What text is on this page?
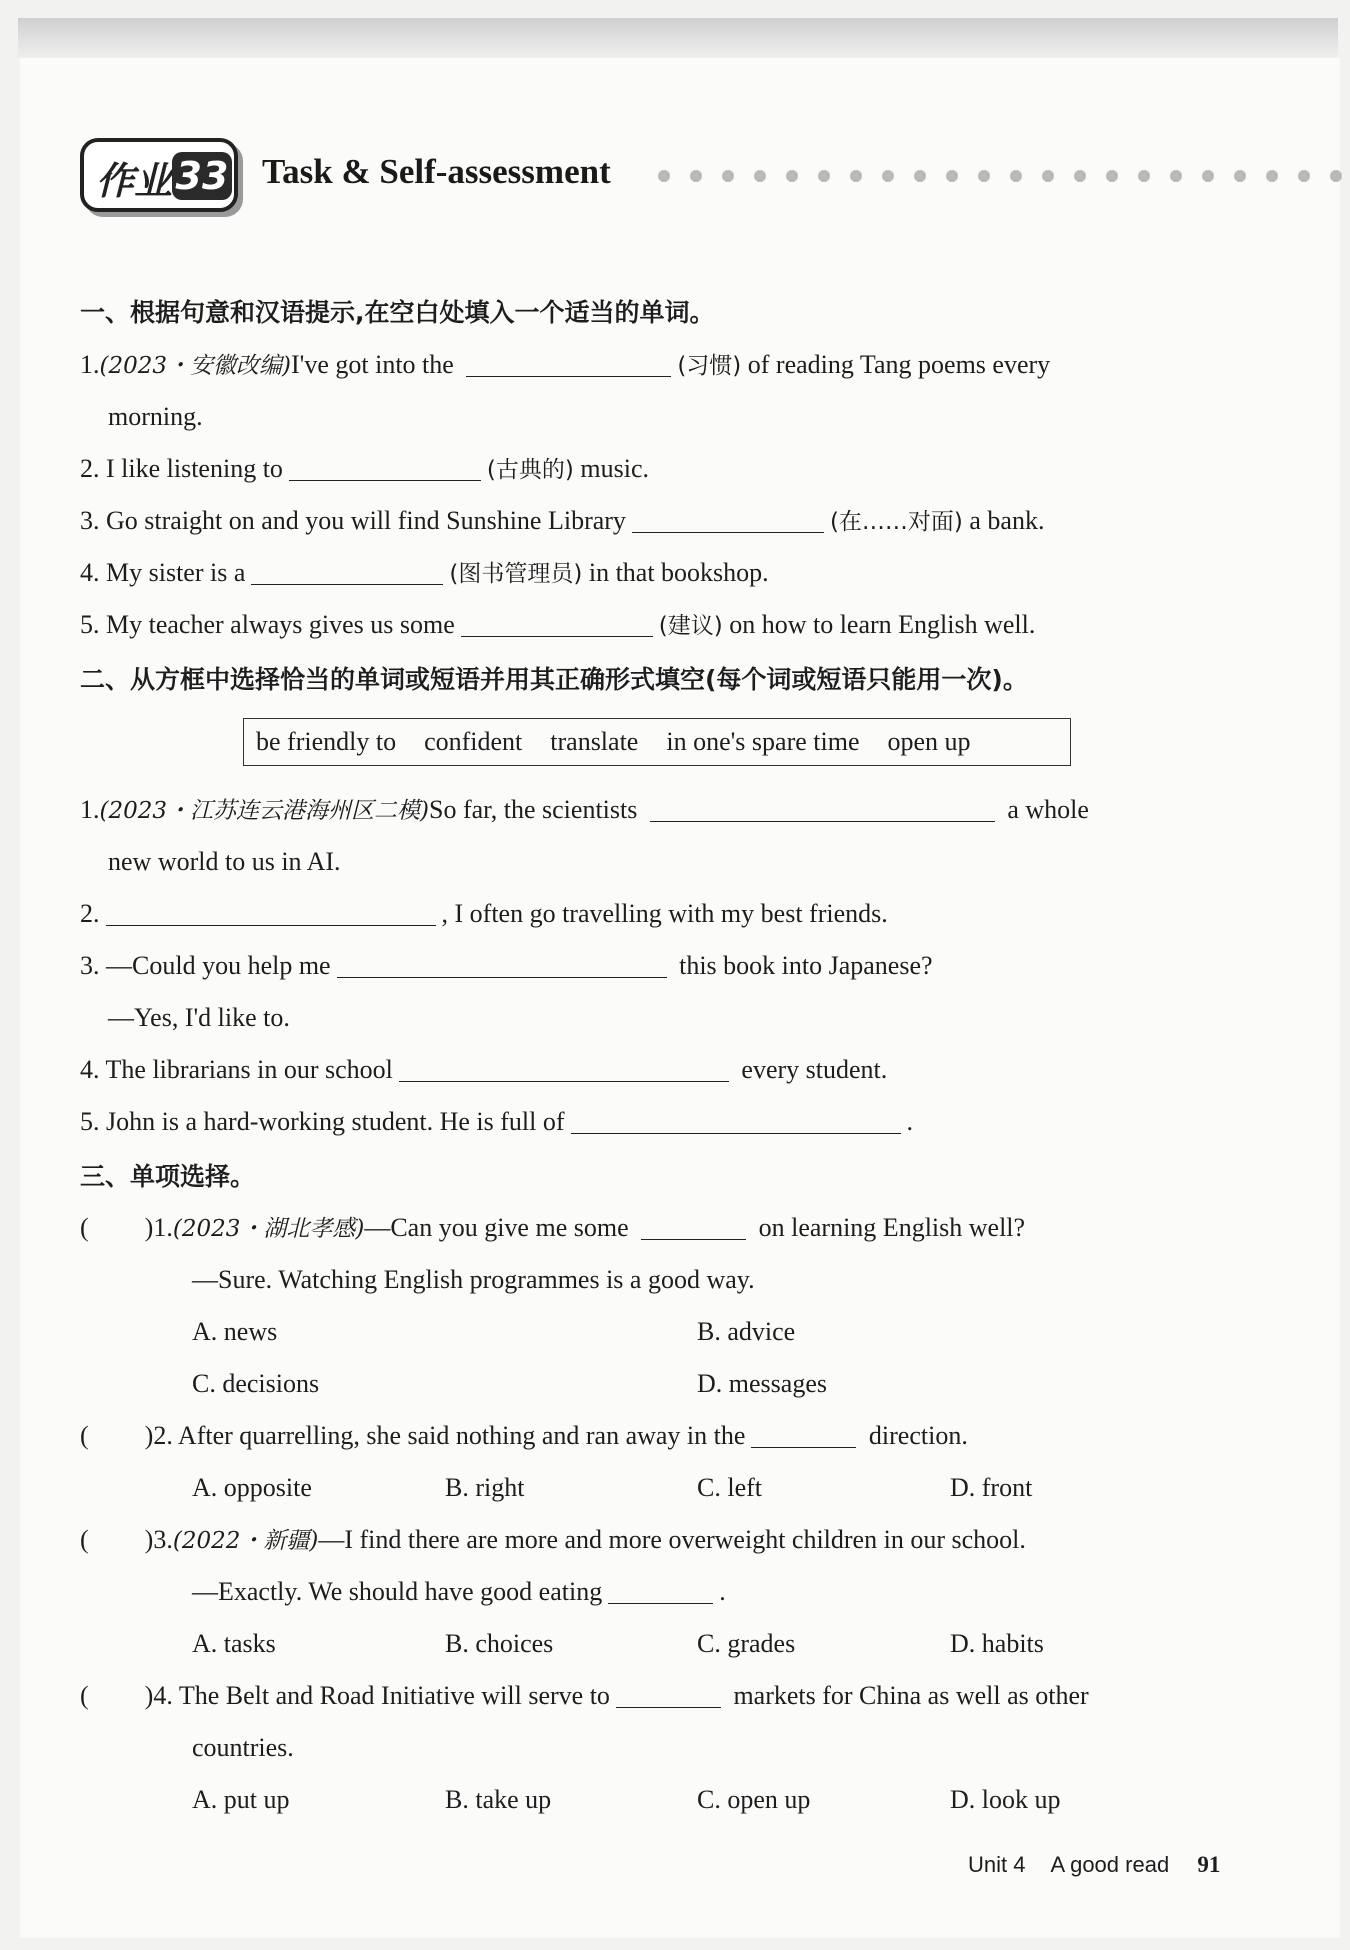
作业 33 Task & Self-assessment
一、根据句意和汉语提示,在空白处填入一个适当的单词。
1.(2023・安徽改编)I've got into the	(习惯) of reading Tang poems every
morning.
2. I like listening to	(古典的) music.
3. Go straight on and you will find Sunshine Library	(在……对面) a bank.
4. My sister is a	(图书管理员) in that bookshop.
5. My teacher always gives us some	(建议) on how to learn English well.
二、从方框中选择恰当的单词或短语并用其正确形式填空(每个词或短语只能用一次)。
be friendly to confident translate in one's spare time open up
1.(2023・江苏连云港海州区二模)So far, the scientists	a whole
new world to us in AI.
2.	, I often go travelling with my best friends.
3. —Could you help me	this book into Japanese?
—Yes, I'd like to.
4. The librarians in our school	every student.
5. John is a hard-working student. He is full of	.
三、单项选择。
( )1.(2023・湖北孝感)—Can you give me some	on learning English well?
—Sure. Watching English programmes is a good way.
A. news	B. advice
C. decisions	D. messages
( )2. After quarrelling, she said nothing and ran away in the	direction.
A. opposite	B. right	C. left	D. front
( )3.(2022・新疆)—I find there are more and more overweight children in our school.
—Exactly. We should have good eating	.
A. tasks	B. choices	C. grades	D. habits
( )4. The Belt and Road Initiative will serve to	markets for China as well as other
countries.
A. put up	B. take up	C. open up	D. look up
Unit 4 A good read 91
